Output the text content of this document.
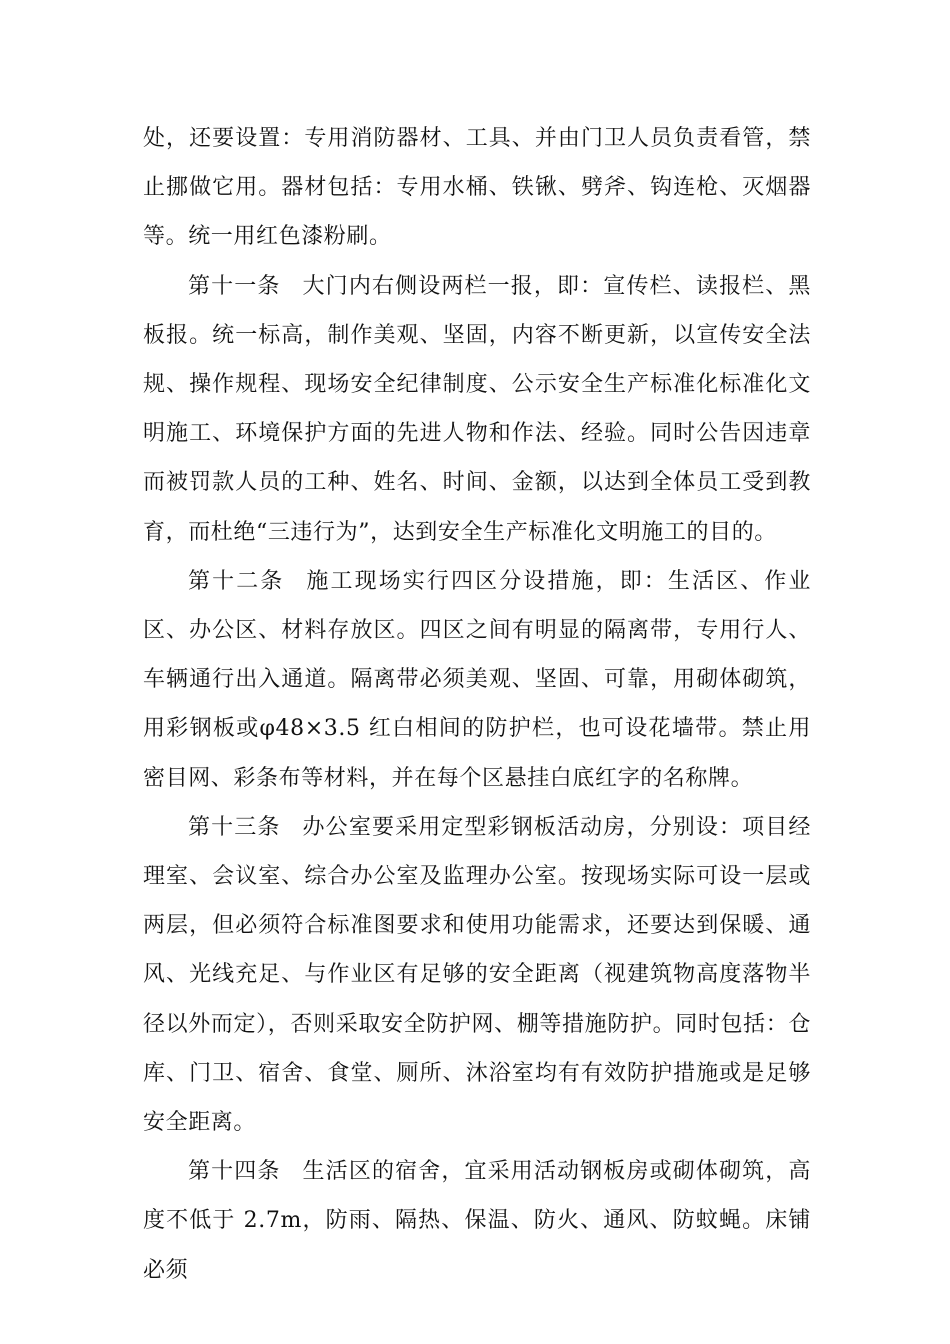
处，还要设置：专用消防器材、工具、并由门卫人员负责看管，禁止挪做它用。器材包括：专用水桶、铁锹、劈斧、钩连枪、灭烟器等。统一用红色漆粉刷。

第十一条 大门内右侧设两栏一报，即：宣传栏、读报栏、黑板报。统一标高，制作美观、坚固，内容不断更新，以宣传安全法规、操作规程、现场安全纪律制度、公示安全生产标准化标准化文明施工、环境保护方面的先进人物和作法、经验。同时公告因违章而被罚款人员的工种、姓名、时间、金额，以达到全体员工受到教育，而杜绝“三违行为”，达到安全生产标准化文明施工的目的。

第十二条 施工现场实行四区分设措施，即：生活区、作业区、办公区、材料存放区。四区之间有明显的隔离带，专用行人、车辆通行出入通道。隔离带必须美观、坚固、可靠，用砌体砌筑，用彩钢板或φ48×3.5 红白相间的防护栏，也可设花墙带。禁止用密目网、彩条布等材料，并在每个区悬挂白底红字的名称牌。

第十三条 办公室要采用定型彩钢板活动房，分别设：项目经理室、会议室、综合办公室及监理办公室。按现场实际可设一层或两层，但必须符合标准图要求和使用功能需求，还要达到保暖、通风、光线充足、与作业区有足够的安全距离（视建筑物高度落物半径以外而定），否则采取安全防护网、棚等措施防护。同时包括：仓库、门卫、宿舍、食堂、厕所、沐浴室均有有效防护措施或是足够安全距离。

第十四条 生活区的宿舍，宜采用活动钢板房或砌体砌筑，高度不低于 2.7m，防雨、隔热、保温、防火、通风、防蚊蝇。床铺必须
